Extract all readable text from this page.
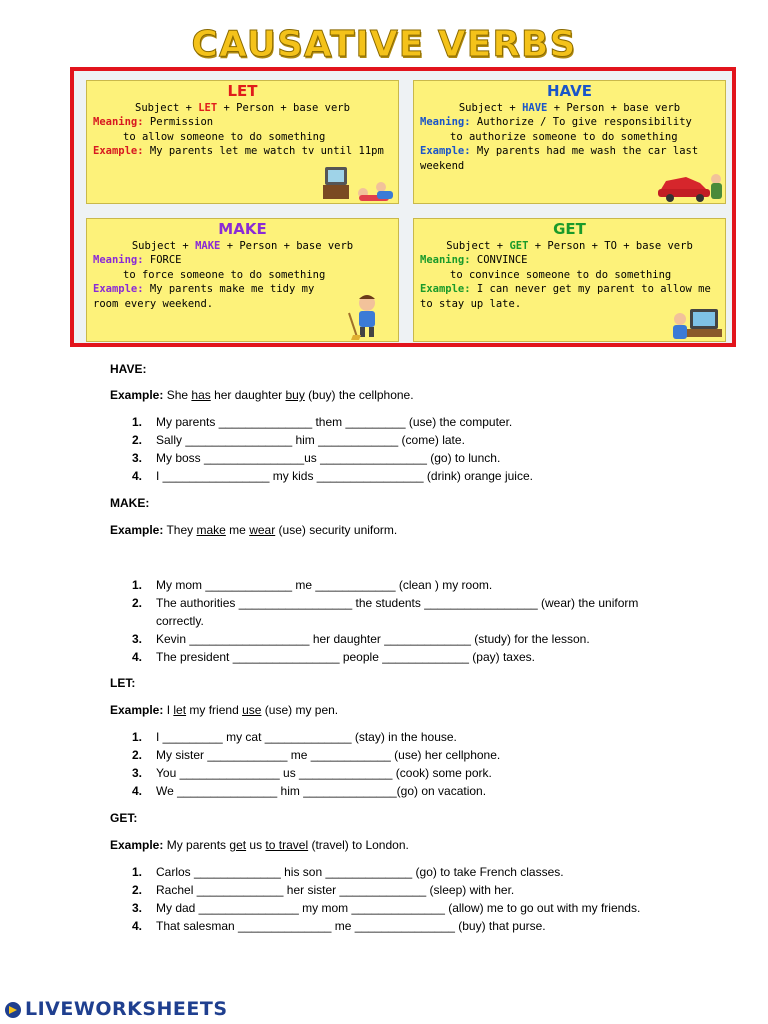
CAUSATIVE VERBS
LET
Subject + LET + Person + base verb
Meaning: Permission
to allow someone to do something
Example: My parents let me watch tv until 11pm
HAVE
Subject + HAVE + Person + base verb
Meaning: Authorize / To give responsibility
to authorize someone to do something
Example: My parents had me wash the car last
weekend
MAKE
Subject + MAKE + Person + base verb
Meaning: FORCE
to force someone to do something
Example: My parents make me tidy my
room every weekend.
GET
Subject + GET + Person + TO + base verb
Meaning: CONVINCE
to convince someone to do something
Example: I can never get my parent to allow me
to stay up late.
HAVE:
Example: She has her daughter buy (buy) the cellphone.
1. My parents ______________ them _________ (use) the computer.
2. Sally ________________ him ____________ (come) late.
3. My boss _______________us ________________ (go) to lunch.
4. I ________________ my kids ________________ (drink) orange juice.
MAKE:
Example: They make me wear (use) security uniform.
1. My mom _____________ me ____________ (clean ) my room.
2. The authorities _________________ the students _________________ (wear) the uniform correctly.
3. Kevin __________________ her daughter _____________ (study) for the lesson.
4. The president ________________ people _____________ (pay) taxes.
LET:
Example: I let my friend use (use) my pen.
1. I _________ my cat _____________ (stay) in the house.
2. My sister ____________ me ____________ (use) her cellphone.
3. You _______________ us ______________ (cook) some pork.
4. We _______________ him ______________(go) on vacation.
GET:
Example: My parents get us to travel (travel) to London.
1. Carlos _____________ his son _____________ (go) to take French classes.
2. Rachel _____________ her sister _____________ (sleep) with her.
3. My dad _______________ my mom ______________ (allow) me to go out with my friends.
4. That salesman ______________ me _______________ (buy) that purse.
LIVEWORKSHEETS
